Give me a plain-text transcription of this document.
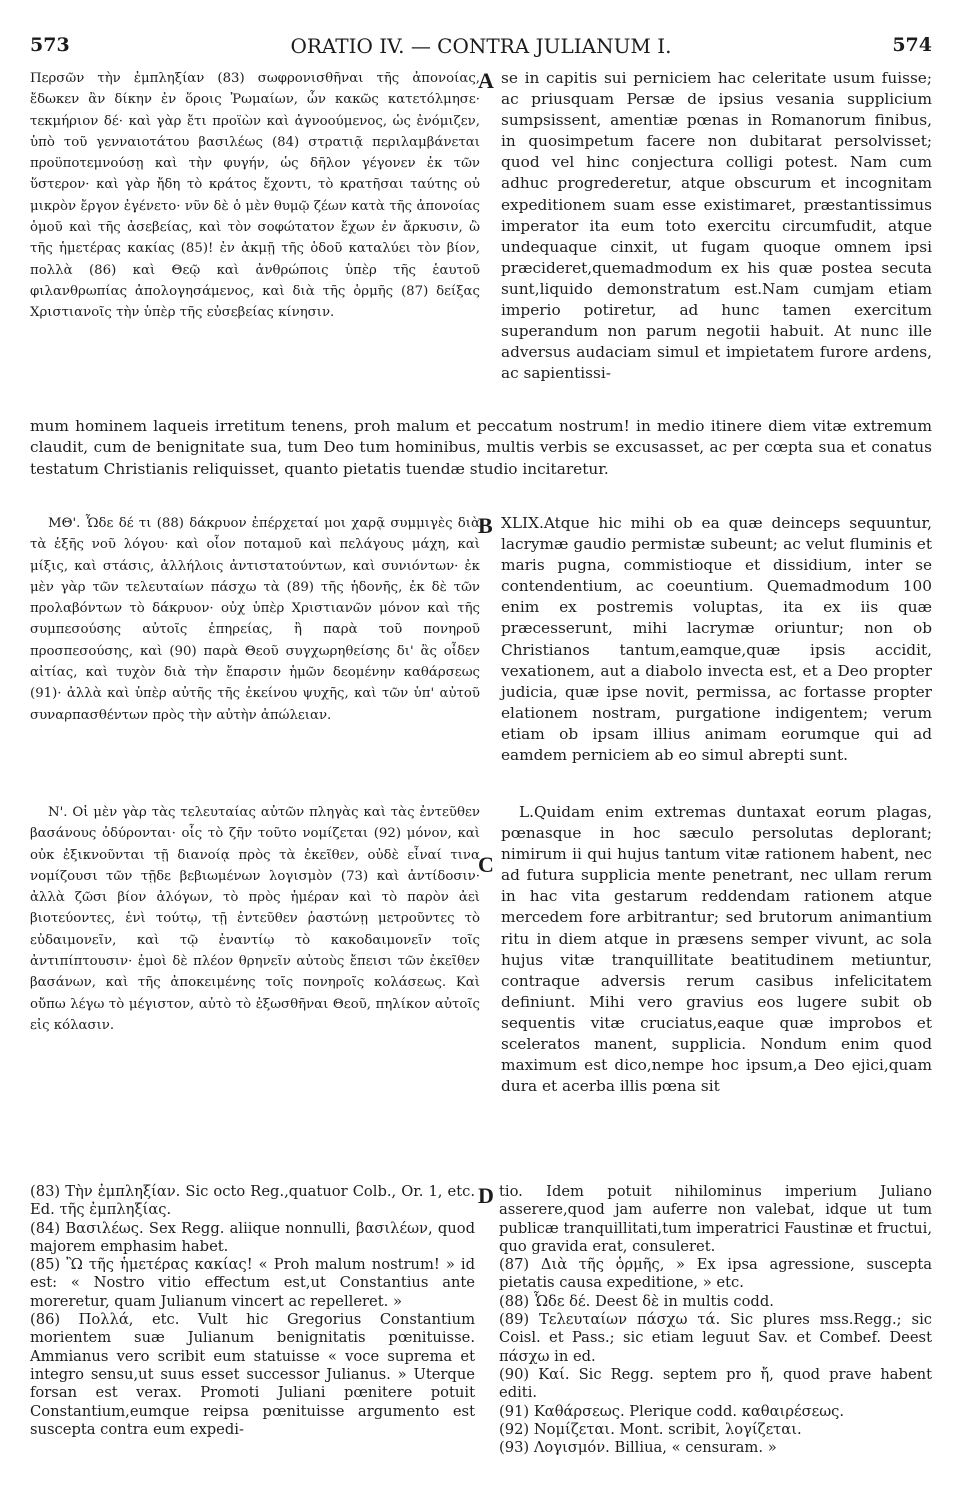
573	ORATIO IV. — CONTRA JULIANUM I.	574
Περσῶν τὴν ἐμπληξίαν (83) σωφρονισθῆναι τῆς ἀπονοίας, ἔδωκεν ἂν δίκην ἐν ὅροις Ῥωμαίων, ὧν κακῶς κατετόλμησε· τεκμήριον δέ· καὶ γὰρ ἔτι προϊὼν καὶ ἀγνοούμενος, ὡς ἐνόμιζεν, ὑπὸ τοῦ γενναιοτάτου βασιλέως (84) στρατιᾷ περιλαμβάνεται προϋποτεμνούσῃ καὶ τὴν φυγήν, ὡς δῆλον γέγονεν ἐκ τῶν ὕστερον· καὶ γὰρ ἤδη τὸ κράτος ἔχοντι, τὸ κρατῆσαι ταύτης οὐ μικρὸν ἔργον ἐγένετο· νῦν δὲ ὁ μὲν θυμῷ ζέων κατὰ τῆς ἀπονοίας ὁμοῦ καὶ τῆς ἀσεβείας, καὶ τὸν σοφώτατον ἔχων ἐν ἄρκυσιν, ὢ τῆς ἡμετέρας κακίας (85)! ἐν ἀκμῇ τῆς ὁδοῦ καταλύει τὸν βίον, πολλὰ (86) καὶ Θεῷ καὶ ἀνθρώποις ὑπὲρ τῆς ἑαυτοῦ φιλανθρωπίας ἀπολογησάμενος, καὶ διὰ τῆς ὁρμῆς (87) δείξας Χριστιανοῖς τὴν ὑπὲρ τῆς εὐσεβείας κίνησιν.
A se in capitis sui perniciem hac celeritate usum fuisse; ac priusquam Persæ de ipsius vesania supplicium sumpsissent, amentiæ pœnas in Romanorum finibus, in quosimpetum facere non dubitarat persolvisset; quod vel hinc conjectura colligi potest. Nam cum adhuc progrederetur, atque obscurum et incognitam expeditionem suam esse existimaret, præstantissimus imperator ita eum toto exercitu circumfudit, atque undequaque cinxit, ut fugam quoque omnem ipsi præcideret,quemadmodum ex his quæ postea secuta sunt,liquido demonstratum est.Nam cumjam etiam imperio potiretur, ad hunc tamen exercitum superandum non parum negotii habuit. At nunc ille adversus audaciam simul et impietatem furore ardens, ac sapientissi-
mum hominem laqueis irretitum tenens, proh malum et peccatum nostrum! in medio itinere diem vitæ extremum claudit, cum de benignitate sua, tum Deo tum hominibus, multis verbis se excusasset, ac per cœpta sua et conatus testatum Christianis reliquisset, quanto pietatis tuendæ studio incitaretur.
ΜΘ'. Ὧδε δέ τι (88) δάκρυον ἐπέρχεταί μοι χαρᾷ συμμιγὲς διὰ τὰ ἑξῆς νοῦ λόγου· καὶ οἷον ποταμοῦ καὶ πελάγους μάχη, καὶ μίξις, καὶ στάσις, ἀλλήλοις ἀντιστατούντων, καὶ συνιόντων· ἐκ μὲν γὰρ τῶν τελευταίων πάσχω τὰ (89) τῆς ἡδονῆς, ἐκ δὲ τῶν προλαβόντων τὸ δάκρυον· οὐχ ὑπὲρ Χριστιανῶν μόνον καὶ τῆς συμπεσούσης αὐτοῖς ἐπηρείας, ἢ παρὰ τοῦ πονηροῦ προσπεσούσης, καὶ (90) παρὰ Θεοῦ συγχωρηθείσης δι' ἃς οἶδεν αἰτίας, καὶ τυχὸν διὰ τὴν ἔπαρσιν ἡμῶν δεομένην καθάρσεως (91)· ἀλλὰ καὶ ὑπὲρ αὐτῆς τῆς ἐκείνου ψυχῆς, καὶ τῶν ὑπ' αὐτοῦ συναρπασθέντων πρὸς τὴν αὐτὴν ἀπώλειαν.
B XLIX.Atque hic mihi ob ea quæ deinceps sequuntur, lacrymæ gaudio permistæ subeunt; ac velut fluminis et maris pugna, commistioque et dissidium, inter se contendentium, ac coeuntium. Quemadmodum 100 enim ex postremis voluptas, ita ex iis quæ præcesserunt, mihi lacrymæ oriuntur; non ob Christianos tantum,eamque,quæ ipsis accidit, vexationem, aut a diabolo invecta est, et a Deo propter judicia, quæ ipse novit, permissa, ac fortasse propter elationem nostram, purgatione indigentem; verum etiam ob ipsam illius animam eorumque qui ad eamdem perniciem ab eo simul abrepti sunt.
Ν'. Οἱ μὲν γὰρ τὰς τελευταίας αὐτῶν πληγὰς καὶ τὰς ἐντεῦθεν βασάνους ὀδύρονται· οἷς τὸ ζῆν τοῦτο νομίζεται (92) μόνον, καὶ οὐκ ἐξικνοῦνται τῇ διανοίᾳ πρὸς τὰ ἐκεῖθεν, οὐδὲ εἶναί τινα νομίζουσι τῶν τῇδε βεβιωμένων λογισμὸν (73) καὶ ἀντίδοσιν· ἀλλὰ ζῶσι βίον ἀλόγων, τὸ πρὸς ἡμέραν καὶ τὸ παρὸν ἀεὶ βιοτεύοντες, ἑνὶ τούτῳ, τῇ ἐντεῦθεν ῥαστώνῃ μετροῦντες τὸ εὐδαιμονεῖν, καὶ τῷ ἐναντίῳ τὸ κακοδαιμονεῖν τοῖς ἀντιπίπτουσιν· ἐμοὶ δὲ πλέον θρηνεῖν αὐτοὺς ἔπεισι τῶν ἐκεῖθεν βασάνων, καὶ τῆς ἀποκειμένης τοῖς πονηροῖς κολάσεως. Καὶ οὔπω λέγω τὸ μέγιστον, αὐτὸ τὸ ἐξωσθῆναι Θεοῦ, πηλίκον αὐτοῖς εἰς κόλασιν.
C
L.Quidam enim extremas duntaxat eorum plagas, pœnasque in hoc sæculo persolutas deplorant; nimirum ii qui hujus tantum vitæ rationem habent, nec ad futura supplicia mente penetrant, nec ullam rerum in hac vita gestarum reddendam rationem atque mercedem fore arbitrantur; sed brutorum animantium ritu in diem atque in præsens semper vivunt, ac sola hujus vitæ tranquillitate beatitudinem metiuntur, contraque adversis rerum casibus infelicitatem definiunt. Mihi vero gravius eos lugere subit ob sequentis vitæ cruciatus,eaque quæ improbos et sceleratos manent, supplicia. Nondum enim quod maximum est dico,nempe hoc ipsum,a Deo ejici,quam dura et acerba illis pœna sit

(83) Τὴν ἐμπληξίαν. Sic octo Reg.,quatuor Colb., Or. 1, etc. Ed. τῆς ἐμπληξίας.

(84) Βασιλέως. Sex Regg. aliique nonnulli, βασιλέων, quod majorem emphasim habet.

(85) Ὢ τῆς ἡμετέρας κακίας! « Proh malum nostrum! » id est: « Nostro vitio effectum est,ut Constantius ante moreretur, quam Julianum vincert ac repelleret. »

(86) Πολλά, etc. Vult hic Gregorius Constantium morientem suæ Julianum benignitatis pœnituisse. Ammianus vero scribit eum statuisse « voce suprema et integro sensu,ut suus esset successor Julianus. » Uterque forsan est verax. Promoti Juliani pœnitere potuit Constantium,eumque reipsa pœnituisse argumento est suscepta contra eum expedi-

D tio. Idem potuit nihilominus imperium Juliano asserere,quod jam auferre non valebat, idque ut tum publicæ tranquillitati,tum imperatrici Faustinæ et fructui, quo gravida erat, consuleret.

(87) Διὰ τῆς ὁρμῆς, » Ex ipsa agressione, suscepta pietatis causa expeditione, » etc.

(88) Ὧδε δέ. Deest δὲ in multis codd.

(89) Τελευταίων πάσχω τά. Sic plures mss.Regg.; sic Coisl. et Pass.; sic etiam leguut Sav. et Combef. Deest πάσχω in ed.

(90) Καί. Sic Regg. septem pro ἤ, quod prave habent editi.

(91) Καθάρσεως. Plerique codd. καθαιρέσεως.

(92) Νομίζεται. Mont. scribit, λογίζεται.

(93) Λογισμόν. Billiua, « censuram. »
